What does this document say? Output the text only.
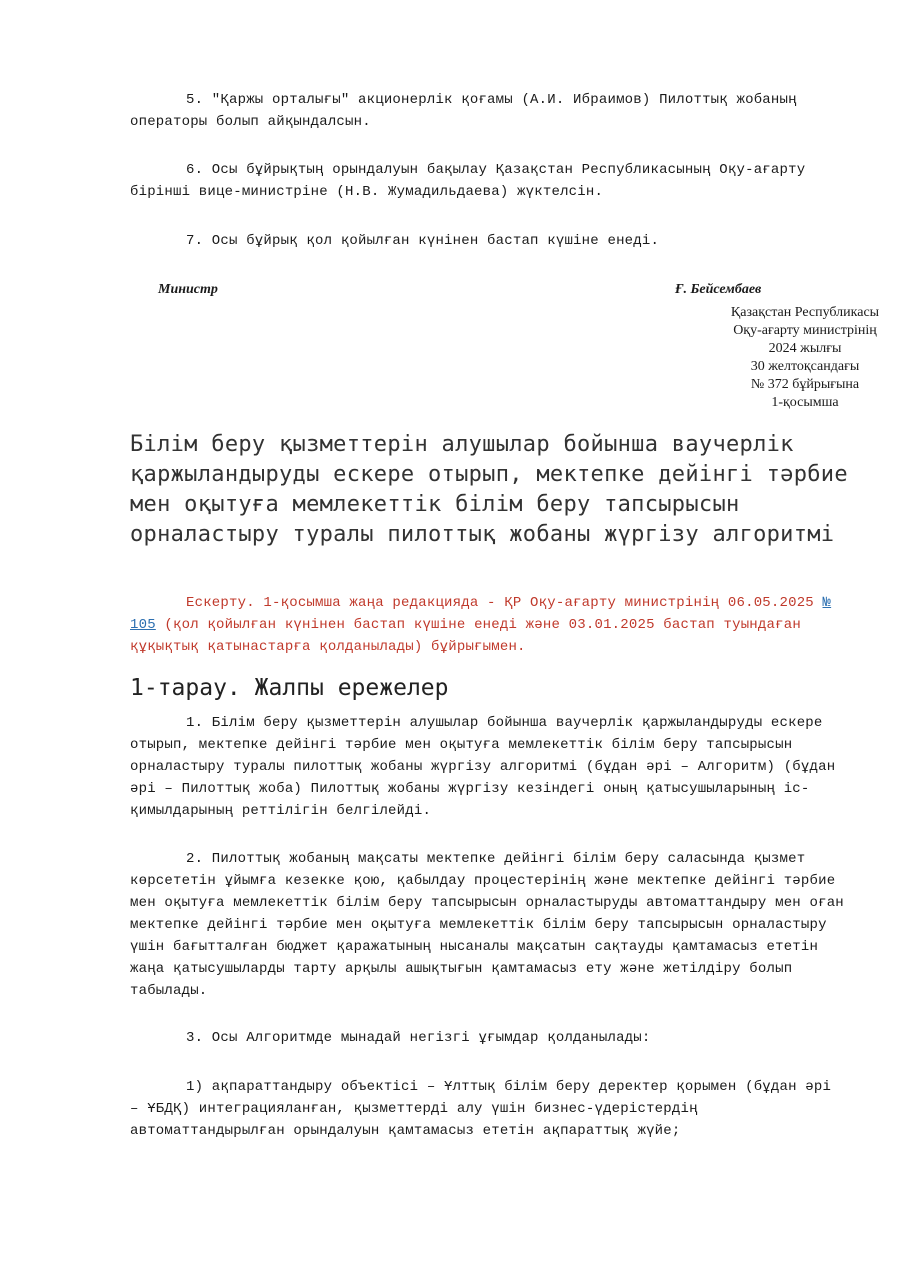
5. "Қаржы орталығы" акционерлік қоғамы (А.И. Ибраимов) Пилоттық жобаның операторы болып айқындалсын.

6. Осы бұйрықтың орындалуын бақылау Қазақстан Республикасының Оқу-ағарту бірінші вице-министріне (Н.В. Жумадильдаева) жүктелсін.

7. Осы бұйрық қол қойылған күнінен бастап күшіне енеді.

Министр	Ғ. Бейсембаев
Қазақстан Республикасы
Оқу-ағарту министрінің
2024 жылғы
30 желтоқсандағы
№ 372 бұйрығына
1-қосымша
Білім беру қызметтерін алушылар бойынша ваучерлік қаржыландыруды ескере отырып, мектепке дейінгі тәрбие мен оқытуға мемлекеттік білім беру тапсырысын орналастыру туралы пилоттық жобаны жүргізу алгоритмі

Ескерту. 1-қосымша жаңа редакцияда - ҚР Оқу-ағарту министрінің 06.05.2025 № 105 (қол қойылған күнінен бастап күшіне енеді және 03.01.2025 бастап туындаған құқықтық қатынастарға қолданылады) бұйрығымен.

1-тарау. Жалпы ережелер

1. Білім беру қызметтерін алушылар бойынша ваучерлік қаржыландыруды ескере отырып, мектепке дейінгі тәрбие мен оқытуға мемлекеттік білім беру тапсырысын орналастыру туралы пилоттық жобаны жүргізу алгоритмі (бұдан әрі – Алгоритм) (бұдан әрі – Пилоттық жоба) Пилоттық жобаны жүргізу кезіндегі оның қатысушыларының іс-қимылдарының реттілігін белгілейді.

2. Пилоттық жобаның мақсаты мектепке дейінгі білім беру саласында қызмет көрсететін ұйымға кезекке қою, қабылдау процестерінің және мектепке дейінгі тәрбие мен оқытуға мемлекеттік білім беру тапсырысын орналастыруды автоматтандыру мен оған мектепке дейінгі тәрбие мен оқытуға мемлекеттік білім беру тапсырысын орналастыру үшін бағытталған бюджет қаражатының нысаналы мақсатын сақтауды қамтамасыз ететін жаңа қатысушыларды тарту арқылы ашықтығын қамтамасыз ету және жетілдіру болып табылады.

3. Осы Алгоритмде мынадай негізгі ұғымдар қолданылады:

1) ақпараттандыру объектісі – Ұлттық білім беру деректер қорымен (бұдан әрі – ҰБДҚ) интеграцияланған, қызметтерді алу үшін бизнес-үдерістердің автоматтандырылған орындалуын қамтамасыз ететін ақпараттық жүйе;
